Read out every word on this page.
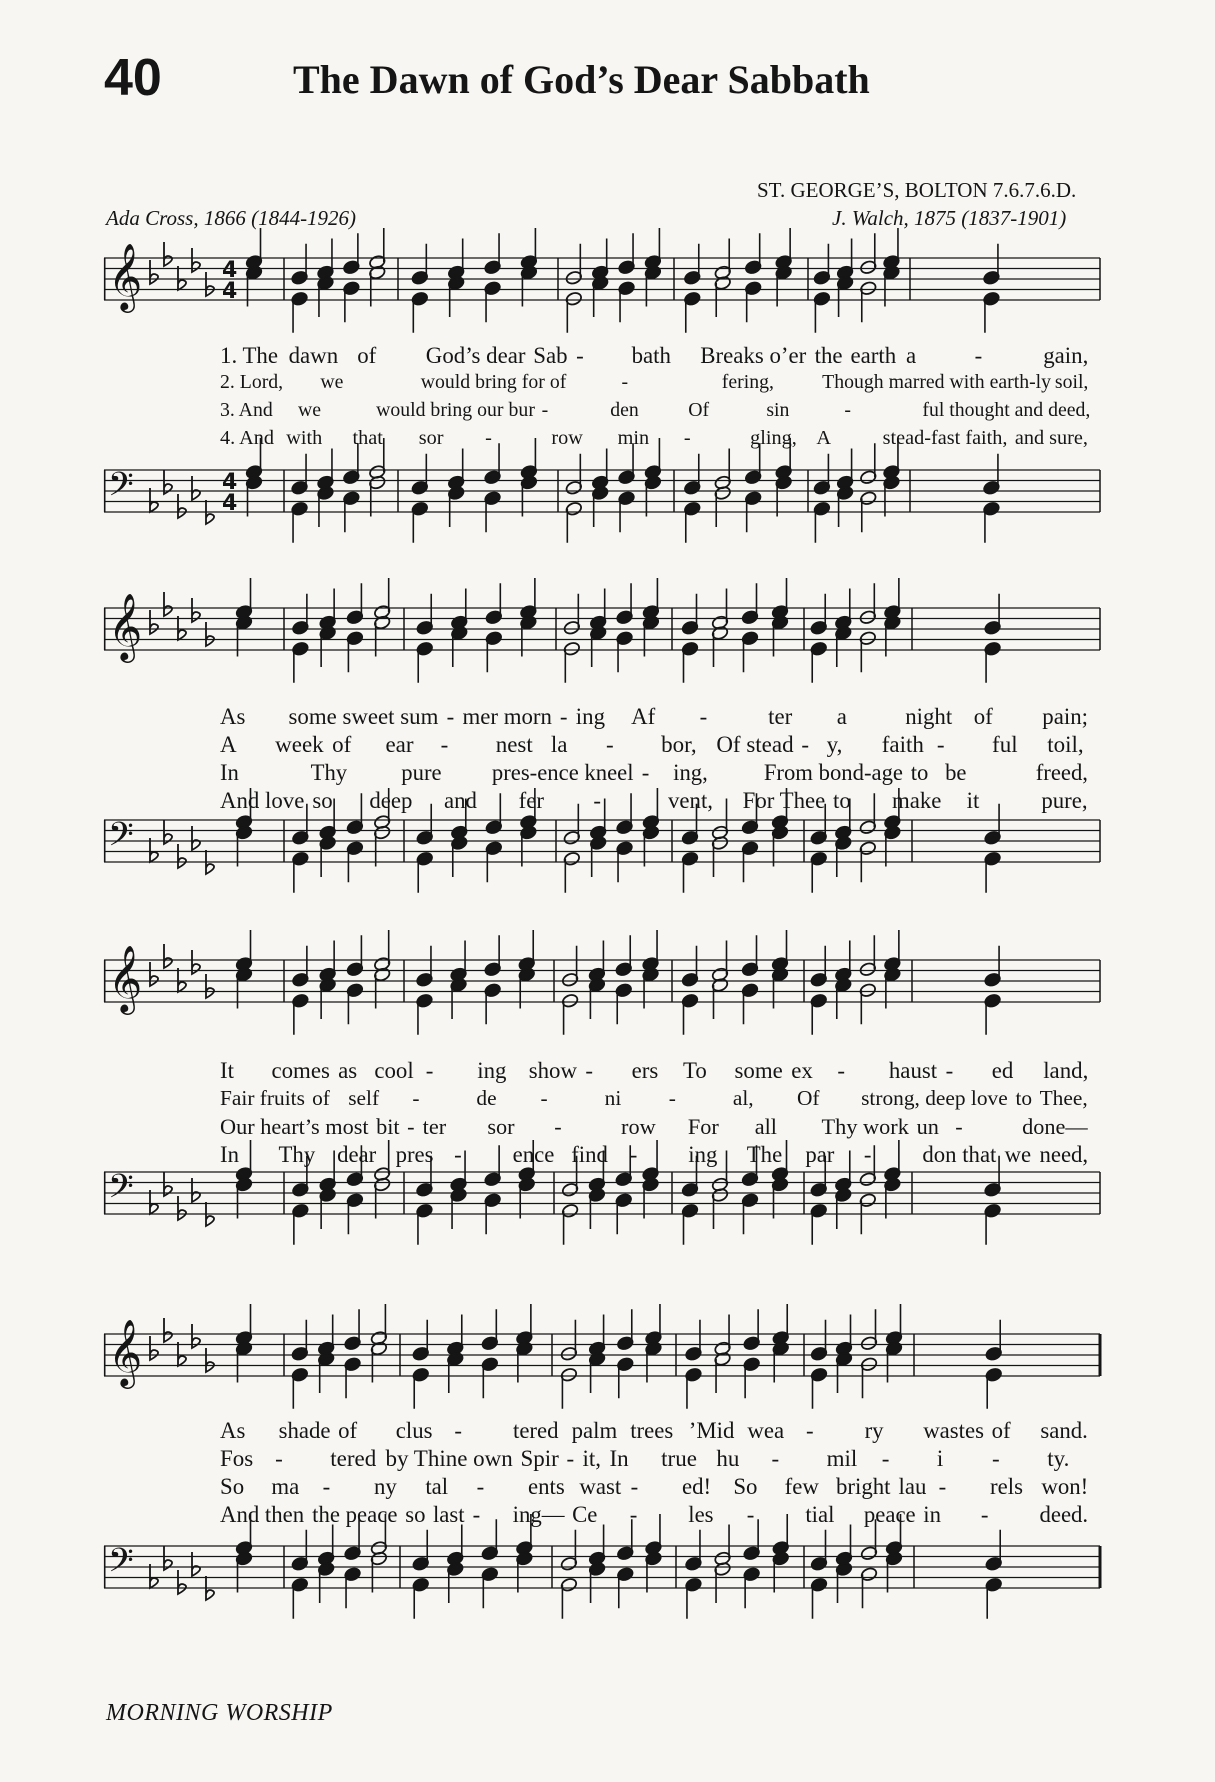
40	The Dawn of God’s Dear Sabbath
ST. GEORGE’S, BOLTON 7.6.7.6.D.
Ada Cross, 1866 (1844-1926)	J. Walch, 1875 (1837-1901)
𝄞	4
4
𝄢	4
4
𝄞
𝄢
𝄞
𝄢
𝄞
𝄢
1. The dawn of God’s dear Sab - bath Breaks o’er the earth a	-	gain,
2. Lord, we	would bring for of	-	fering, Though marred with earth-ly soil,
3. And we	would bring our bur -	den	Of	sin	-	ful thought and deed,
4. And with that sor -	row min -	gling, A	stead-fast faith, and sure,
As some sweet sum - mer morn - ing Af -	ter a	night of pain;
A week of ear - nest la - bor, Of stead - y, faith - ful toil,
In	Thy pure pres-ence kneel - ing, From bond-age to be	freed,
And love so deep and fer -	vent, For Thee to make it	pure,
It comes as cool - ing show - ers To some ex - haust - ed land,
Fair fruits of self -	de -	ni -	al, Of strong, deep love to Thee,
Our heart’s most bit - ter sor -	row For all Thy work un -	done—
In Thy dear pres - ence find - ing The par - don that we need,
As shade of clus - tered palm trees ’Mid wea - ry wastes of sand.
Fos - tered by Thine own Spir - it, In true hu - mil - i - ty.
So ma - ny tal - ents wast - ed! So few bright lau - rels won!
And then the peace so last - ing— Ce - les - tial peace in - deed.
MORNING WORSHIP
